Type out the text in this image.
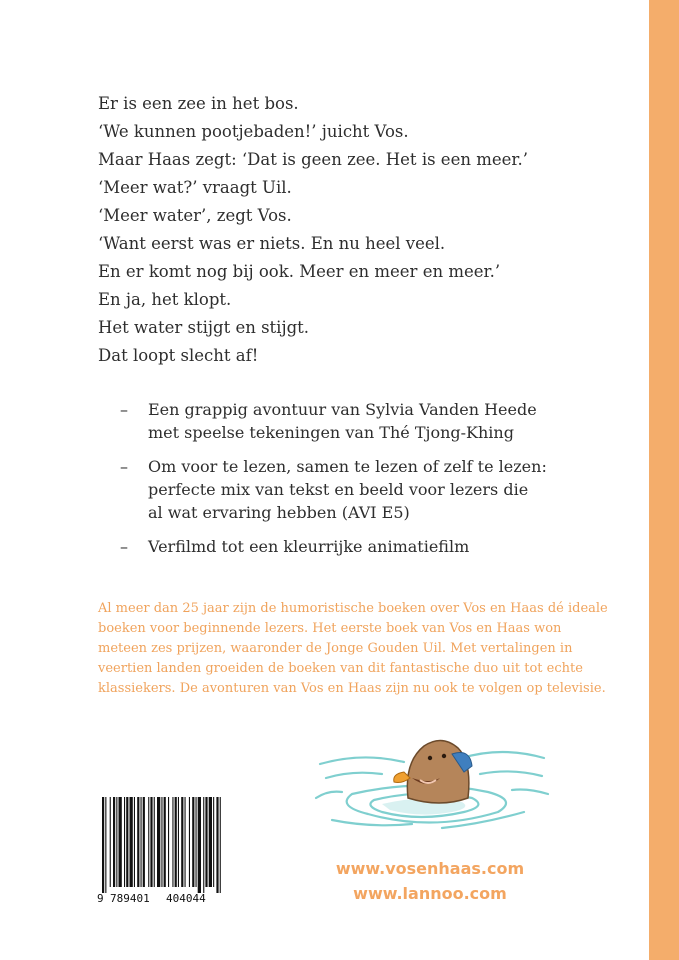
Er is een zee in het bos.
‘We kunnen pootjebaden!’ juicht Vos.
Maar Haas zegt: ‘Dat is geen zee. Het is een meer.’
‘Meer wat?’ vraagt Uil.
‘Meer water’, zegt Vos.
‘Want eerst was er niets. En nu heel veel.
En er komt nog bij ook. Meer en meer en meer.’
En ja, het klopt.
Het water stijgt en stijgt.
Dat loopt slecht af!
– Een grappig avontuur van Sylvia Vanden Heede
met speelse tekeningen van Thé Tjong-Khing
– Om voor te lezen, samen te lezen of zelf te lezen:
perfecte mix van tekst en beeld voor lezers die
al wat ervaring hebben (AVI E5)
– Verfilmd tot een kleurrijke animatiefilm
Al meer dan 25 jaar zijn de humoristische boeken over Vos en Haas dé ideale
boeken voor beginnende lezers. Het eerste boek van Vos en Haas won
meteen zes prijzen, waaronder de Jonge Gouden Uil. Met vertalingen in
veertien landen groeiden de boeken van dit fantastische duo uit tot echte
klassiekers. De avonturen van Vos en Haas zijn nu ook te volgen op televisie.
9 789401 404044
www.vosenhaas.com
www.lannoo.com
